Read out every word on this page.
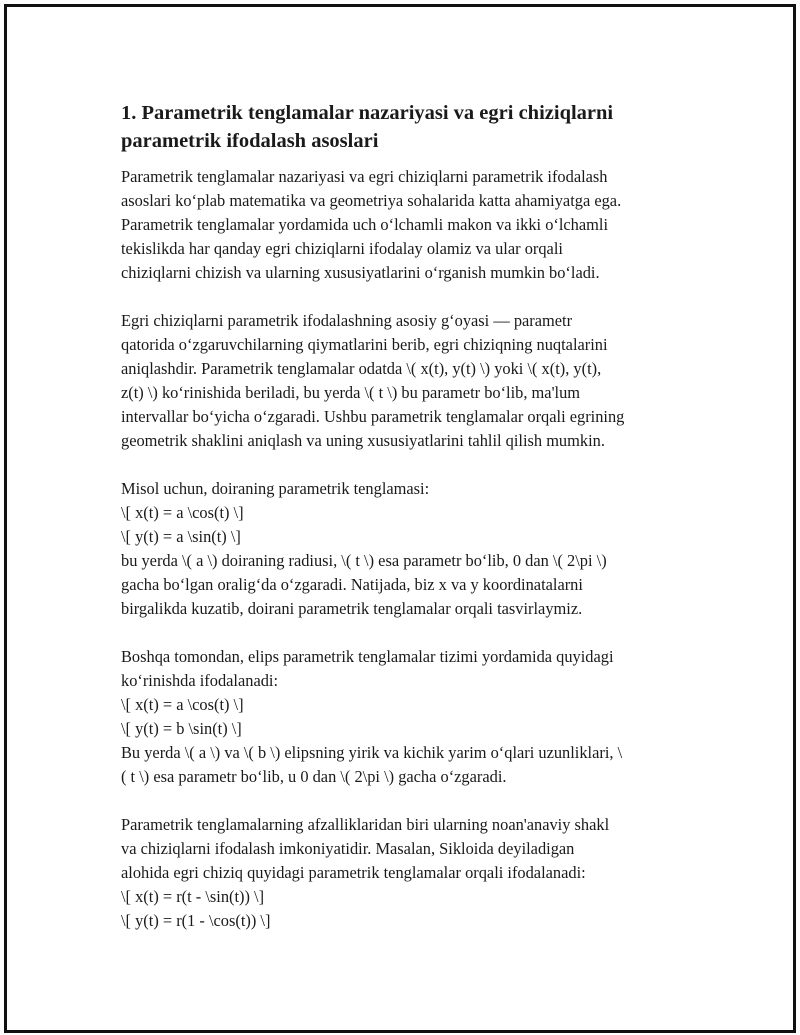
1. Parametrik tenglamalar nazariyasi va egri chiziqlarni
parametrik ifodalash asoslari

Parametrik tenglamalar nazariyasi va egri chiziqlarni parametrik ifodalash
asoslari ko‘plab matematika va geometriya sohalarida katta ahamiyatga ega.
Parametrik tenglamalar yordamida uch o‘lchamli makon va ikki o‘lchamli
tekislikda har qanday egri chiziqlarni ifodalay olamiz va ular orqali
chiziqlarni chizish va ularning xususiyatlarini o‘rganish mumkin bo‘ladi.

Egri chiziqlarni parametrik ifodalashning asosiy g‘oyasi — parametr
qatorida o‘zgaruvchilarning qiymatlarini berib, egri chiziqning nuqtalarini
aniqlashdir. Parametrik tenglamalar odatda \( x(t), y(t) \) yoki \( x(t), y(t),
z(t) \) ko‘rinishida beriladi, bu yerda \( t \) bu parametr bo‘lib, ma'lum
intervallar bo‘yicha o‘zgaradi. Ushbu parametrik tenglamalar orqali egrining
geometrik shaklini aniqlash va uning xususiyatlarini tahlil qilish mumkin.

Misol uchun, doiraning parametrik tenglamasi:
\[ x(t) = a \cos(t) \]
\[ y(t) = a \sin(t) \]
bu yerda \( a \) doiraning radiusi, \( t \) esa parametr bo‘lib, 0 dan \( 2\pi \)
gacha bo‘lgan oralig‘da o‘zgaradi. Natijada, biz x va y koordinatalarni
birgalikda kuzatib, doirani parametrik tenglamalar orqali tasvirlaymiz.

Boshqa tomondan, elips parametrik tenglamalar tizimi yordamida quyidagi
ko‘rinishda ifodalanadi:
\[ x(t) = a \cos(t) \]
\[ y(t) = b \sin(t) \]
Bu yerda \( a \) va \( b \) elipsning yirik va kichik yarim o‘qlari uzunliklari, \
( t \) esa parametr bo‘lib, u 0 dan \( 2\pi \) gacha o‘zgaradi.

Parametrik tenglamalarning afzalliklaridan biri ularning noan'anaviy shakl
va chiziqlarni ifodalash imkoniyatidir. Masalan, Sikloida deyiladigan
alohida egri chiziq quyidagi parametrik tenglamalar orqali ifodalanadi:
\[ x(t) = r(t - \sin(t)) \]
\[ y(t) = r(1 - \cos(t)) \]
